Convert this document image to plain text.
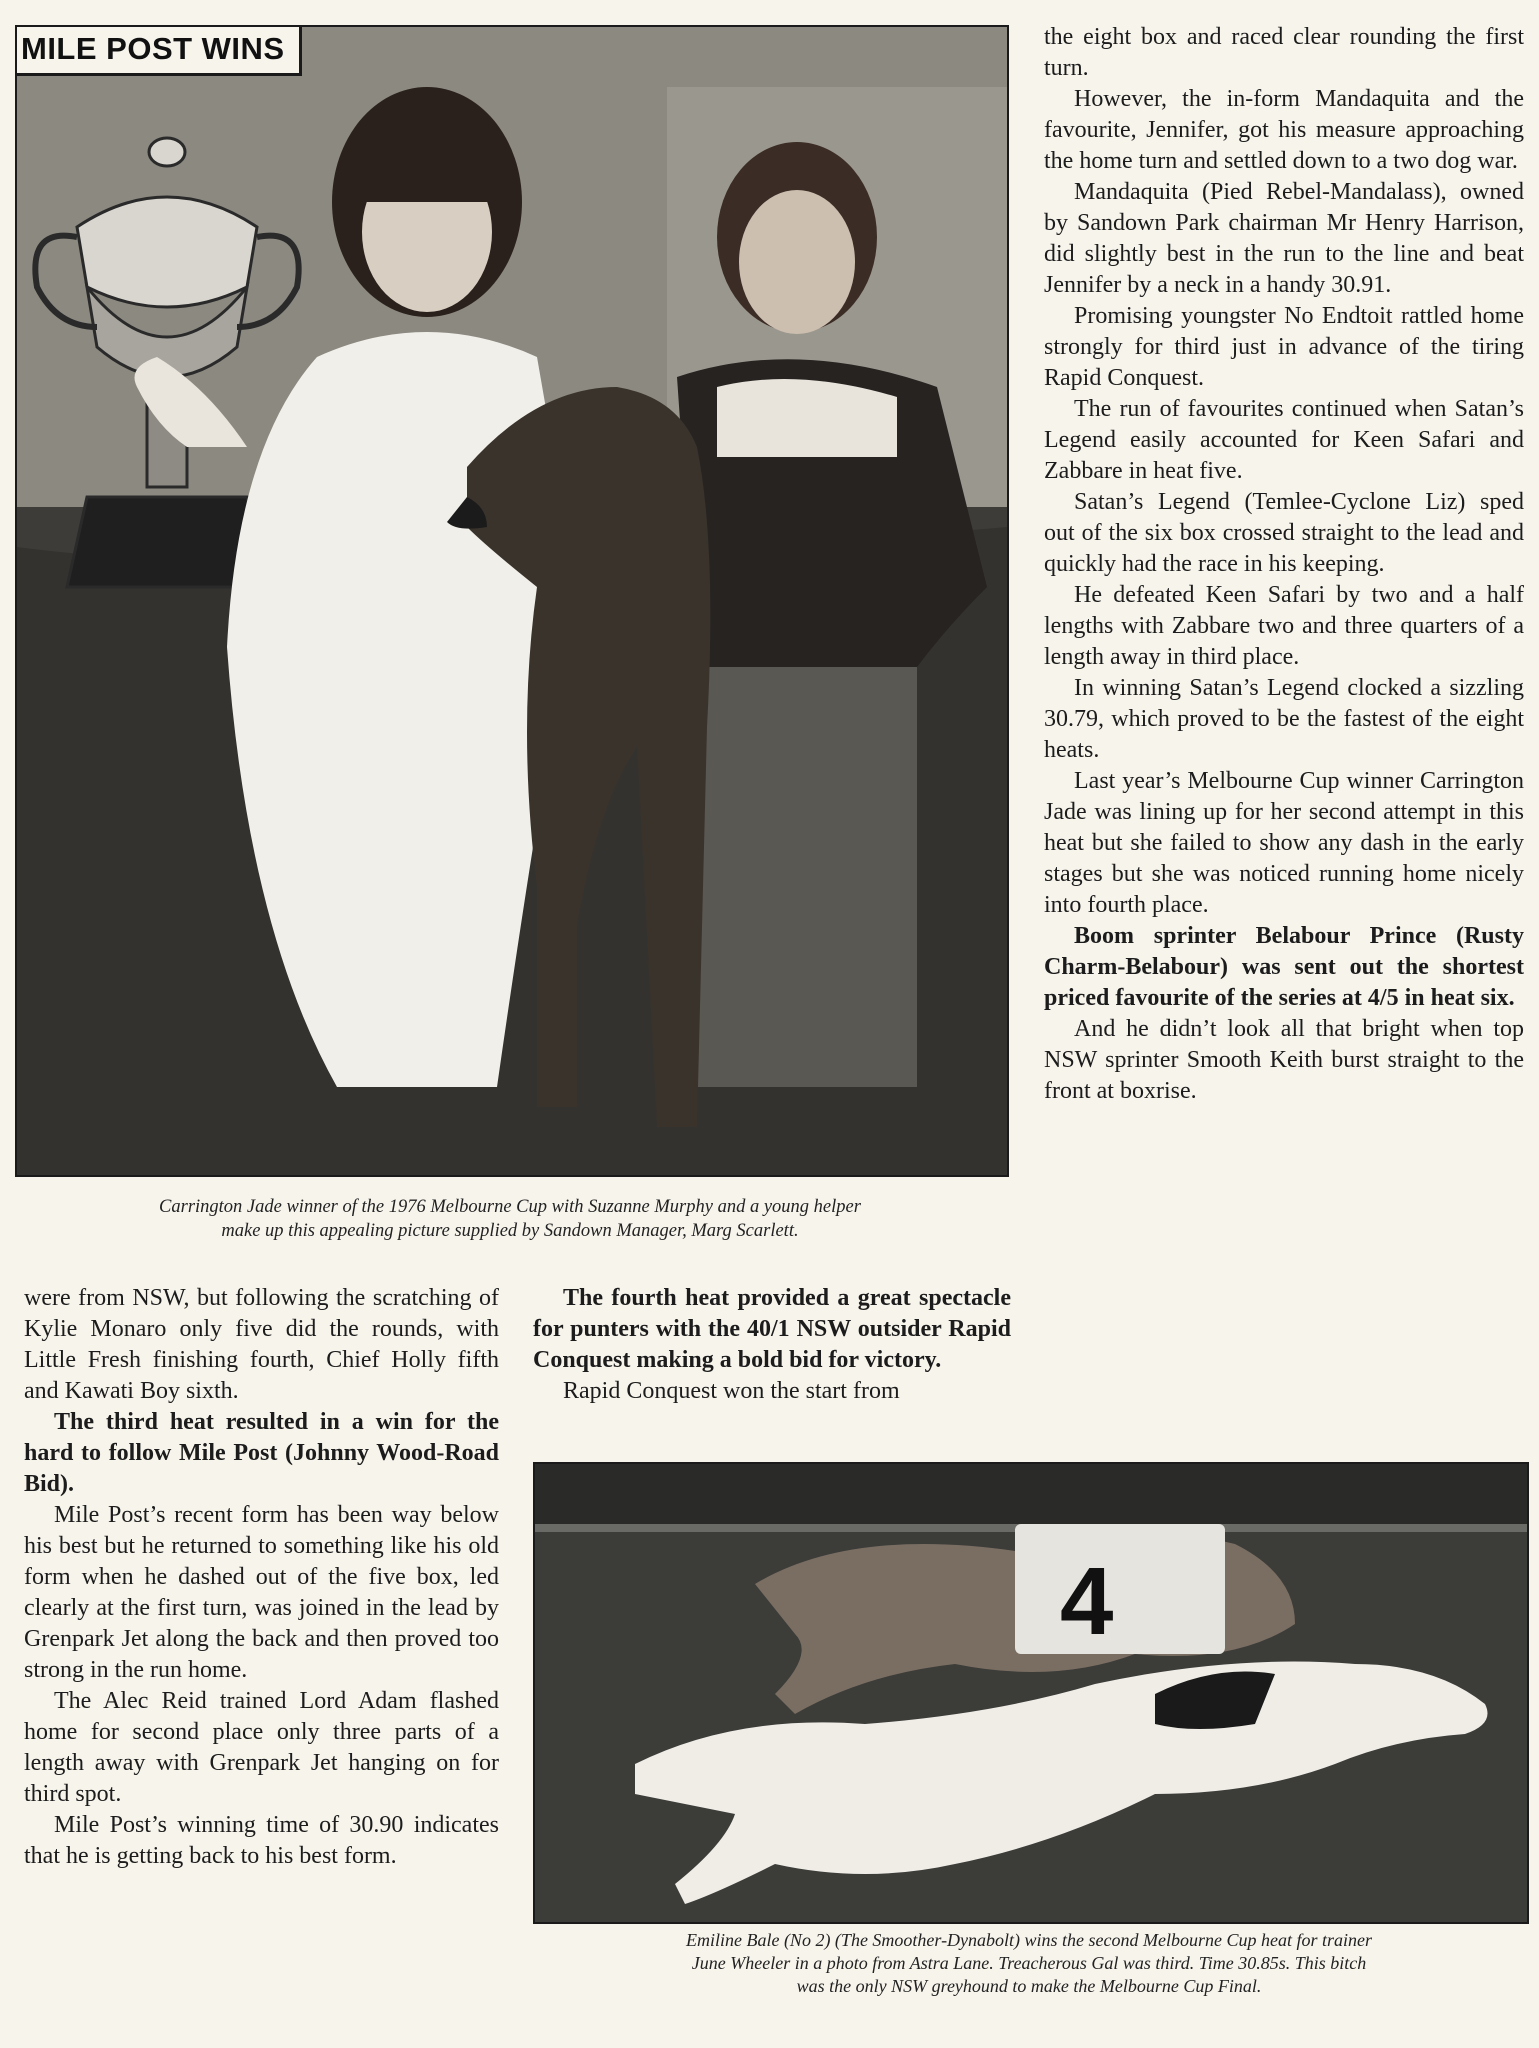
MILE POST WINS
Carrington Jade winner of the 1976 Melbourne Cup with Suzanne Murphy and a young helper
make up this appealing picture supplied by Sandown Manager, Marg Scarlett.

the eight box and raced clear rounding the first turn.

However, the in-form Mandaquita and the favourite, Jennifer, got his measure approaching the home turn and settled down to a two dog war.

Mandaquita (Pied Rebel-Mandalass), owned by Sandown Park chairman Mr Henry Harrison, did slightly best in the run to the line and beat Jennifer by a neck in a handy 30.91.

Promising youngster No Endtoit rattled home strongly for third just in advance of the tiring Rapid Conquest.

The run of favourites continued when Satan’s Legend easily accounted for Keen Safari and Zabbare in heat five.

Satan’s Legend (Temlee-Cyclone Liz) sped out of the six box crossed straight to the lead and quickly had the race in his keeping.

He defeated Keen Safari by two and a half lengths with Zabbare two and three quarters of a length away in third place.

In winning Satan’s Legend clocked a sizzling 30.79, which proved to be the fastest of the eight heats.

Last year’s Melbourne Cup winner Carrington Jade was lining up for her second attempt in this heat but she failed to show any dash in the early stages but she was noticed running home nicely into fourth place.

Boom sprinter Belabour Prince (Rusty Charm-Belabour) was sent out the shortest priced favourite of the series at 4/5 in heat six.

And he didn’t look all that bright when top NSW sprinter Smooth Keith burst straight to the front at boxrise.

were from NSW, but following the scratching of Kylie Monaro only five did the rounds, with Little Fresh finishing fourth, Chief Holly fifth and Kawati Boy sixth.

The third heat resulted in a win for the hard to follow Mile Post (Johnny Wood-Road Bid).

Mile Post’s recent form has been way below his best but he returned to something like his old form when he dashed out of the five box, led clearly at the first turn, was joined in the lead by Grenpark Jet along the back and then proved too strong in the run home.

The Alec Reid trained Lord Adam flashed home for second place only three parts of a length away with Grenpark Jet hanging on for third spot.

Mile Post’s winning time of 30.90 indicates that he is getting back to his best form.

The fourth heat provided a great spectacle for punters with the 40/1 NSW outsider Rapid Conquest making a bold bid for victory.

Rapid Conquest won the start from

4
Emiline Bale (No 2) (The Smoother-Dynabolt) wins the second Melbourne Cup heat for trainer
June Wheeler in a photo from Astra Lane. Treacherous Gal was third. Time 30.85s. This bitch
was the only NSW greyhound to make the Melbourne Cup Final.
